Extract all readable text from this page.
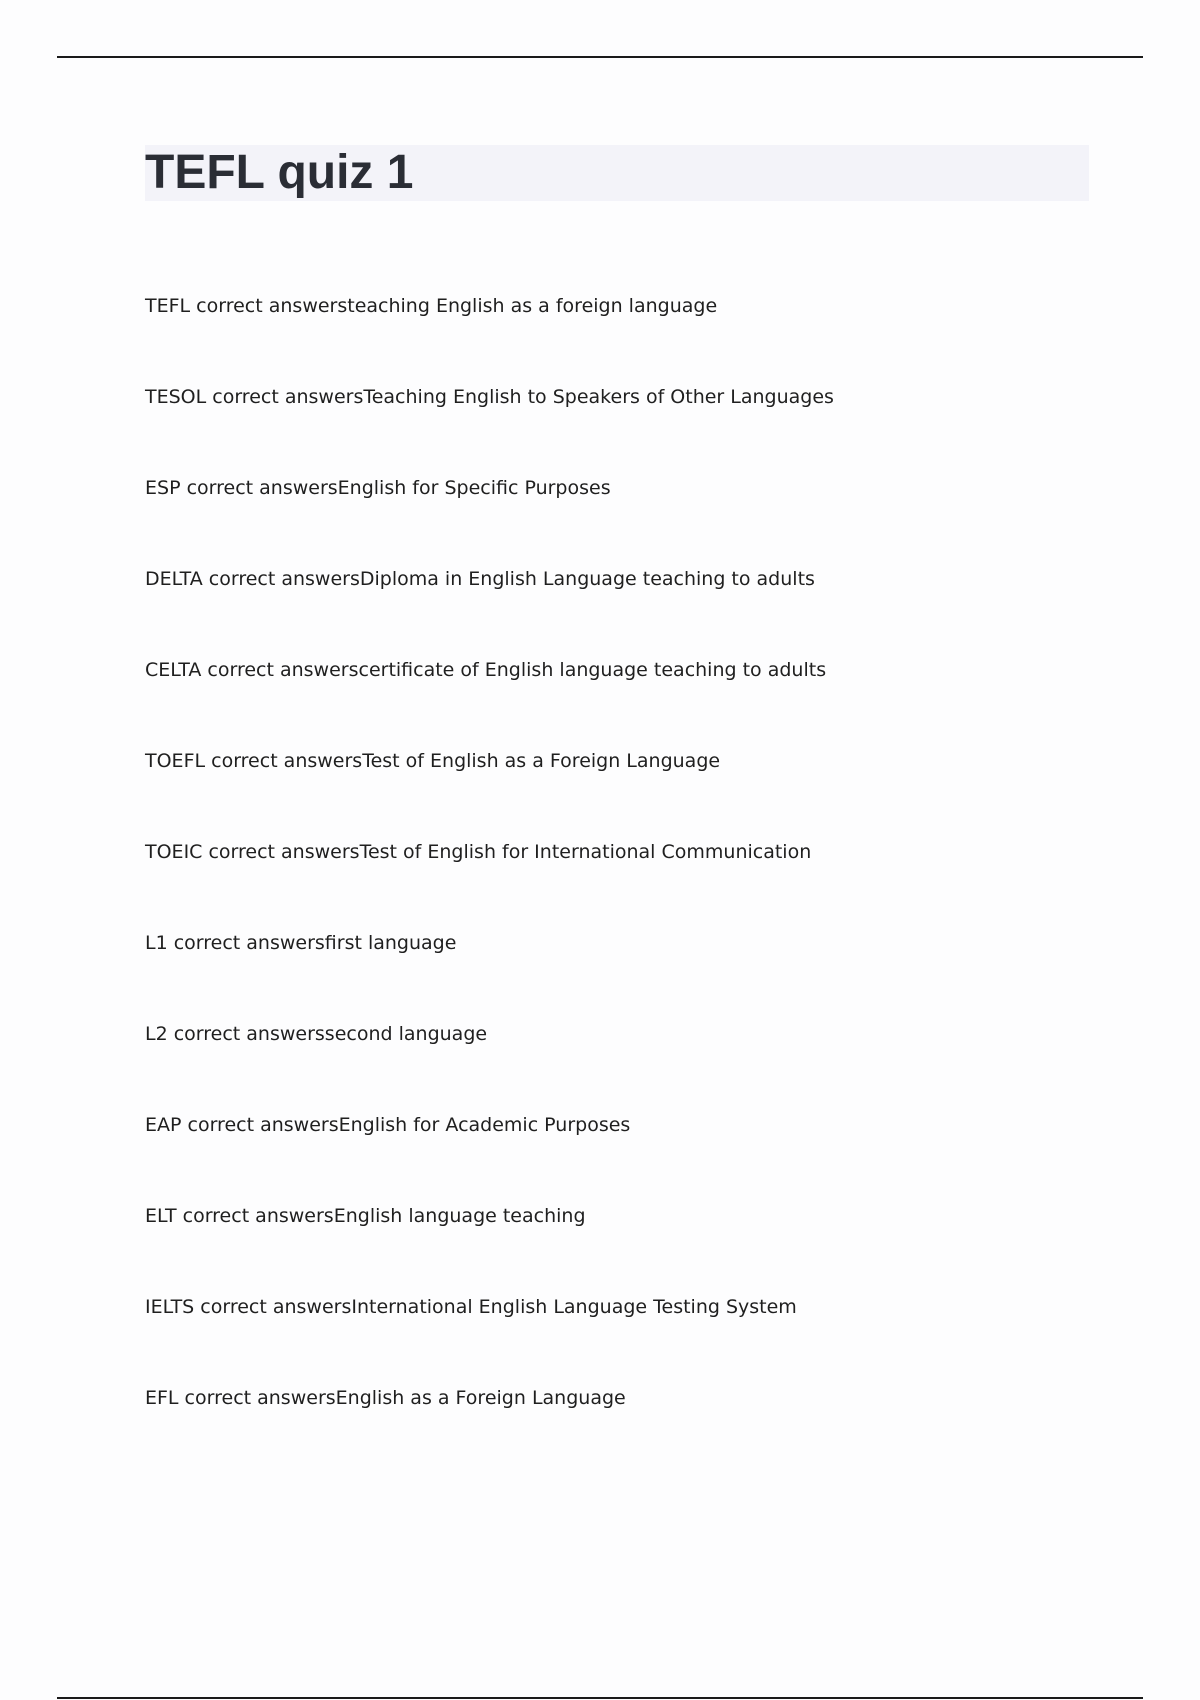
TEFL quiz 1
TEFL correct answersteaching English as a foreign language
TESOL correct answersTeaching English to Speakers of Other Languages
ESP correct answersEnglish for Specific Purposes
DELTA correct answersDiploma in English Language teaching to adults
CELTA correct answerscertificate of English language teaching to adults
TOEFL correct answersTest of English as a Foreign Language
TOEIC correct answersTest of English for International Communication
L1 correct answersfirst language
L2 correct answerssecond language
EAP correct answersEnglish for Academic Purposes
ELT correct answersEnglish language teaching
IELTS correct answersInternational English Language Testing System
EFL correct answersEnglish as a Foreign Language
